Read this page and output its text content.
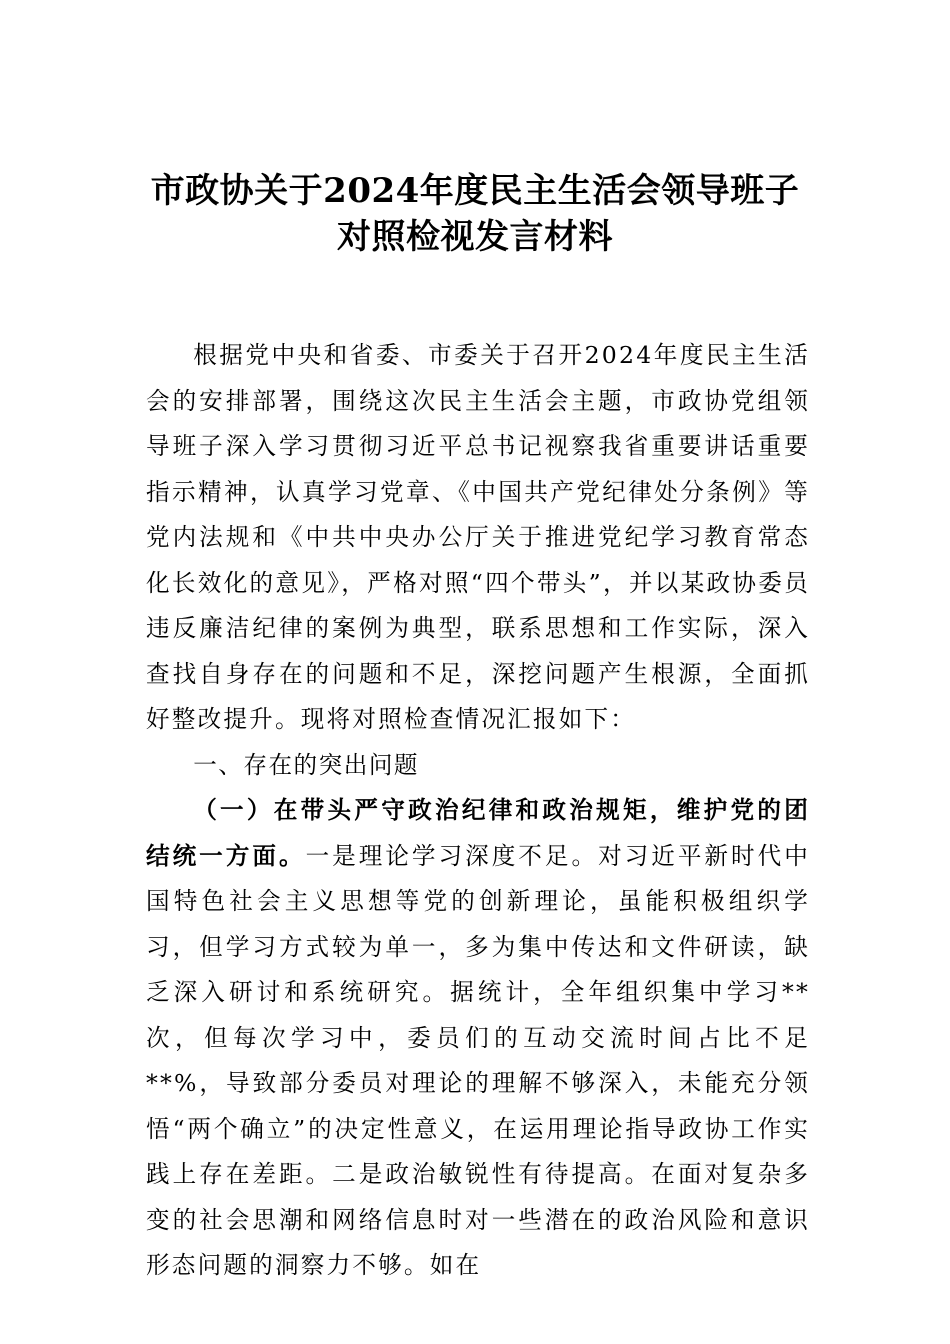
市政协关于2024年度民主生活会领导班子
对照检视发言材料

根据党中央和省委、市委关于召开2024年度民主生活会的安排部署，围绕这次民主生活会主题，市政协党组领导班子深入学习贯彻习近平总书记视察我省重要讲话重要指示精神，认真学习党章、《中国共产党纪律处分条例》等党内法规和《中共中央办公厅关于推进党纪学习教育常态化长效化的意见》，严格对照“四个带头”，并以某政协委员违反廉洁纪律的案例为典型，联系思想和工作实际，深入查找自身存在的问题和不足，深挖问题产生根源，全面抓好整改提升。现将对照检查情况汇报如下：

一、存在的突出问题

（一）在带头严守政治纪律和政治规矩，维护党的团结统一方面。一是理论学习深度不足。对习近平新时代中国特色社会主义思想等党的创新理论，虽能积极组织学习，但学习方式较为单一，多为集中传达和文件研读，缺乏深入研讨和系统研究。据统计，全年组织集中学习**次，但每次学习中，委员们的互动交流时间占比不足**%，导致部分委员对理论的理解不够深入，未能充分领悟“两个确立”的决定性意义，在运用理论指导政协工作实践上存在差距。二是政治敏锐性有待提高。在面对复杂多变的社会思潮和网络信息时对一些潜在的政治风险和意识形态问题的洞察力不够。如在
